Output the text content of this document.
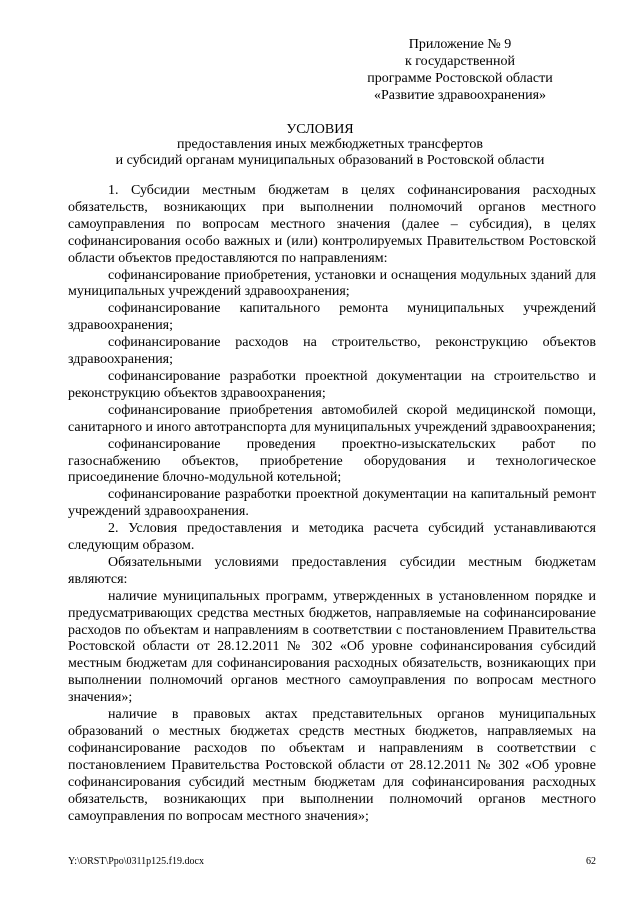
Приложение № 9
к государственной
программе Ростовской области
«Развитие здравоохранения»
УСЛОВИЯ
предоставления иных межбюджетных трансфертов
и субсидий органам муниципальных образований в Ростовской области

1. Субсидии местным бюджетам в целях софинансирования расходных обязательств, возникающих при выполнении полномочий органов местного самоуправления по вопросам местного значения (далее – субсидия), в целях софинансирования особо важных и (или) контролируемых Правительством Ростовской области объектов предоставляются по направлениям:

софинансирование приобретения, установки и оснащения модульных зданий для муниципальных учреждений здравоохранения;

софинансирование капитального ремонта муниципальных учреждений здравоохранения;

софинансирование расходов на строительство, реконструкцию объектов здравоохранения;

софинансирование разработки проектной документации на строительство и реконструкцию объектов здравоохранения;

софинансирование приобретения автомобилей скорой медицинской помощи, санитарного и иного автотранспорта для муниципальных учреждений здравоохранения;

софинансирование проведения проектно-изыскательских работ по газоснабжению объектов, приобретение оборудования и технологическое присоединение блочно-модульной котельной;

софинансирование разработки проектной документации на капитальный ремонт учреждений здравоохранения.

2. Условия предоставления и методика расчета субсидий устанавливаются следующим образом.

Обязательными условиями предоставления субсидии местным бюджетам являются:

наличие муниципальных программ, утвержденных в установленном порядке и предусматривающих средства местных бюджетов, направляемые на софинансирование расходов по объектам и направлениям в соответствии с постановлением Правительства Ростовской области от 28.12.2011 № 302 «Об уровне софинансирования субсидий местным бюджетам для софинансирования расходных обязательств, возникающих при выполнении полномочий органов местного самоуправления по вопросам местного значения»;

наличие в правовых актах представительных органов муниципальных образований о местных бюджетах средств местных бюджетов, направляемых на софинансирование расходов по объектам и направлениям в соответствии с постановлением Правительства Ростовской области от 28.12.2011 № 302 «Об уровне софинансирования субсидий местным бюджетам для софинансирования расходных обязательств, возникающих при выполнении полномочий органов местного самоуправления по вопросам местного значения»;

Y:\ORST\Ppo\0311p125.f19.docx	62
